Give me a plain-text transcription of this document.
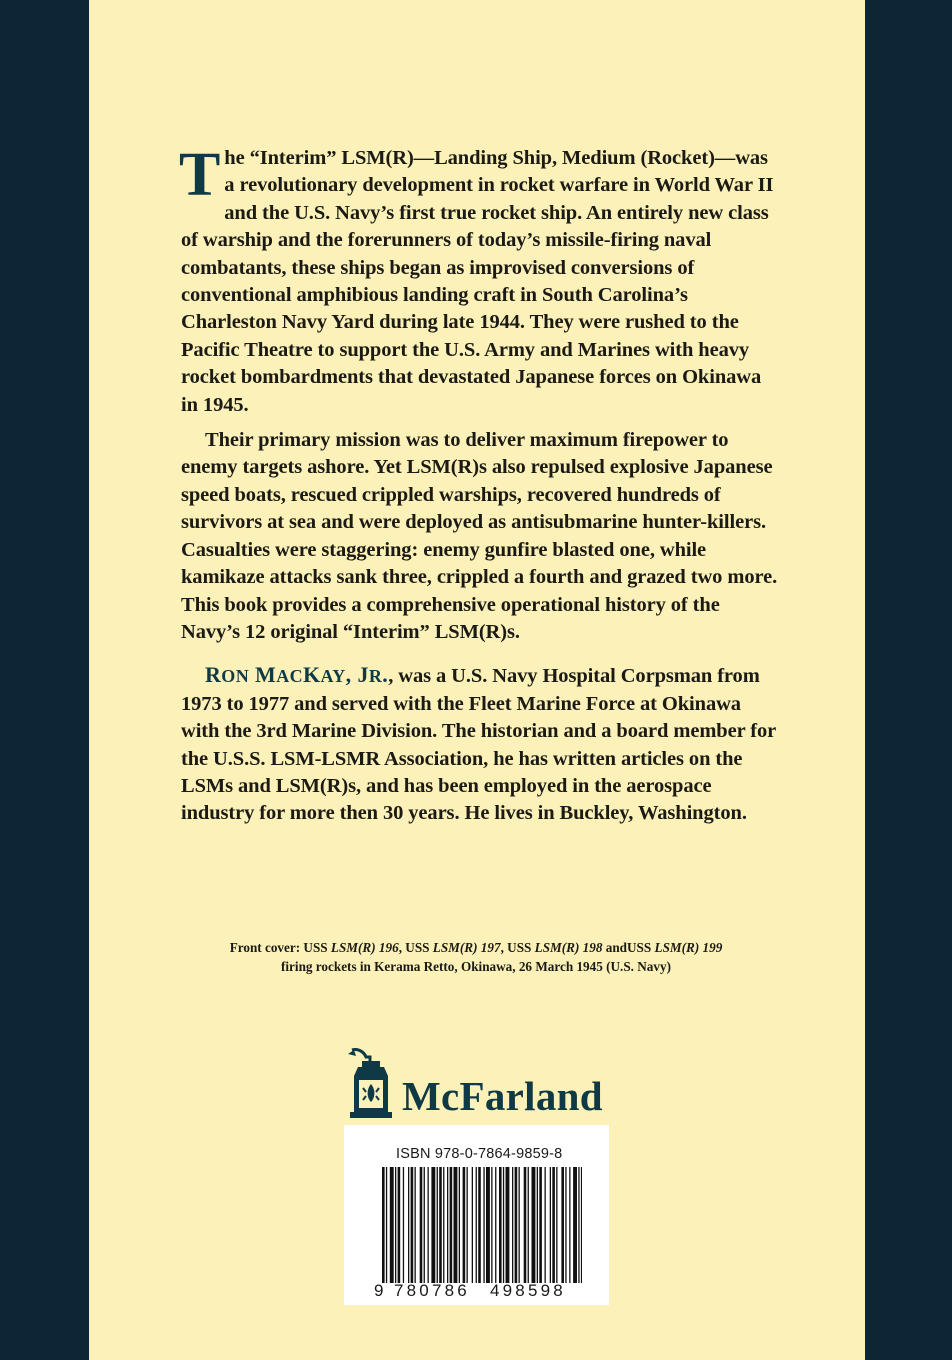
The “Interim” LSM(R)—Landing Ship, Medium (Rocket)—was a revolutionary development in rocket warfare in World War II and the U.S. Navy’s first true rocket ship. An entirely new class of warship and the forerunners of today’s missile-firing naval combatants, these ships began as improvised conversions of conventional amphibious landing craft in South Carolina’s Charleston Navy Yard during late 1944. They were rushed to the Pacific Theatre to support the U.S. Army and Marines with heavy rocket bombardments that devastated Japanese forces on Okinawa in 1945.

Their primary mission was to deliver maximum firepower to enemy targets ashore. Yet LSM(R)s also repulsed explosive Japanese speed boats, rescued crippled warships, recovered hundreds of survivors at sea and were deployed as antisubmarine hunter-killers. Casualties were staggering: enemy gunfire blasted one, while kamikaze attacks sank three, crippled a fourth and grazed two more. This book provides a comprehensive operational history of the Navy’s 12 original “Interim” LSM(R)s.

RON MACKAY, JR., was a U.S. Navy Hospital Corpsman from 1973 to 1977 and served with the Fleet Marine Force at Okinawa with the 3rd Marine Division. The historian and a board member for the U.S.S. LSM-LSMR Association, he has written articles on the LSMs and LSM(R)s, and has been employed in the aerospace industry for more then 30 years. He lives in Buckley, Washington.

Front cover: USS LSM(R) 196, USS LSM(R) 197, USS LSM(R) 198 andUSS LSM(R) 199

firing rockets in Kerama Retto, Okinawa, 26 March 1945 (U.S. Navy)

McFarland
ISBN 978-0-7864-9859-8
9 780786 498598
